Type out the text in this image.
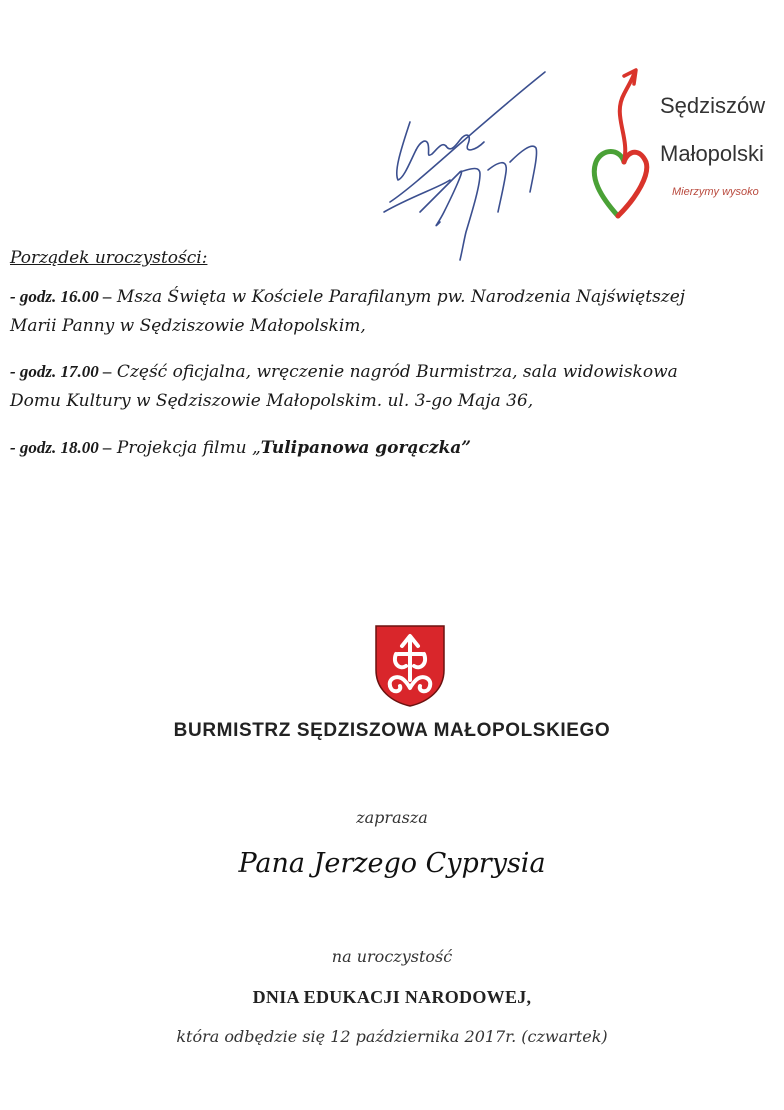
Sędziszów
Małopolski
Mierzymy wysoko
Porządek uroczystości:
- godz. 16.00 – Msza Święta w Kościele Parafilanym pw. Narodzenia Najświętszej
Marii Panny w Sędziszowie Małopolskim,
- godz. 17.00 – Część oficjalna, wręczenie nagród Burmistrza, sala widowiskowa
Domu Kultury w Sędziszowie Małopolskim. ul. 3-go Maja 36,
- godz. 18.00 – Projekcja filmu „Tulipanowa gorączka”
BURMISTRZ SĘDZISZOWA MAŁOPOLSKIEGO
zaprasza
Pana Jerzego Cyprysia
na uroczystość
DNIA EDUKACJI NARODOWEJ,
która odbędzie się 12 października 2017r. (czwartek)
